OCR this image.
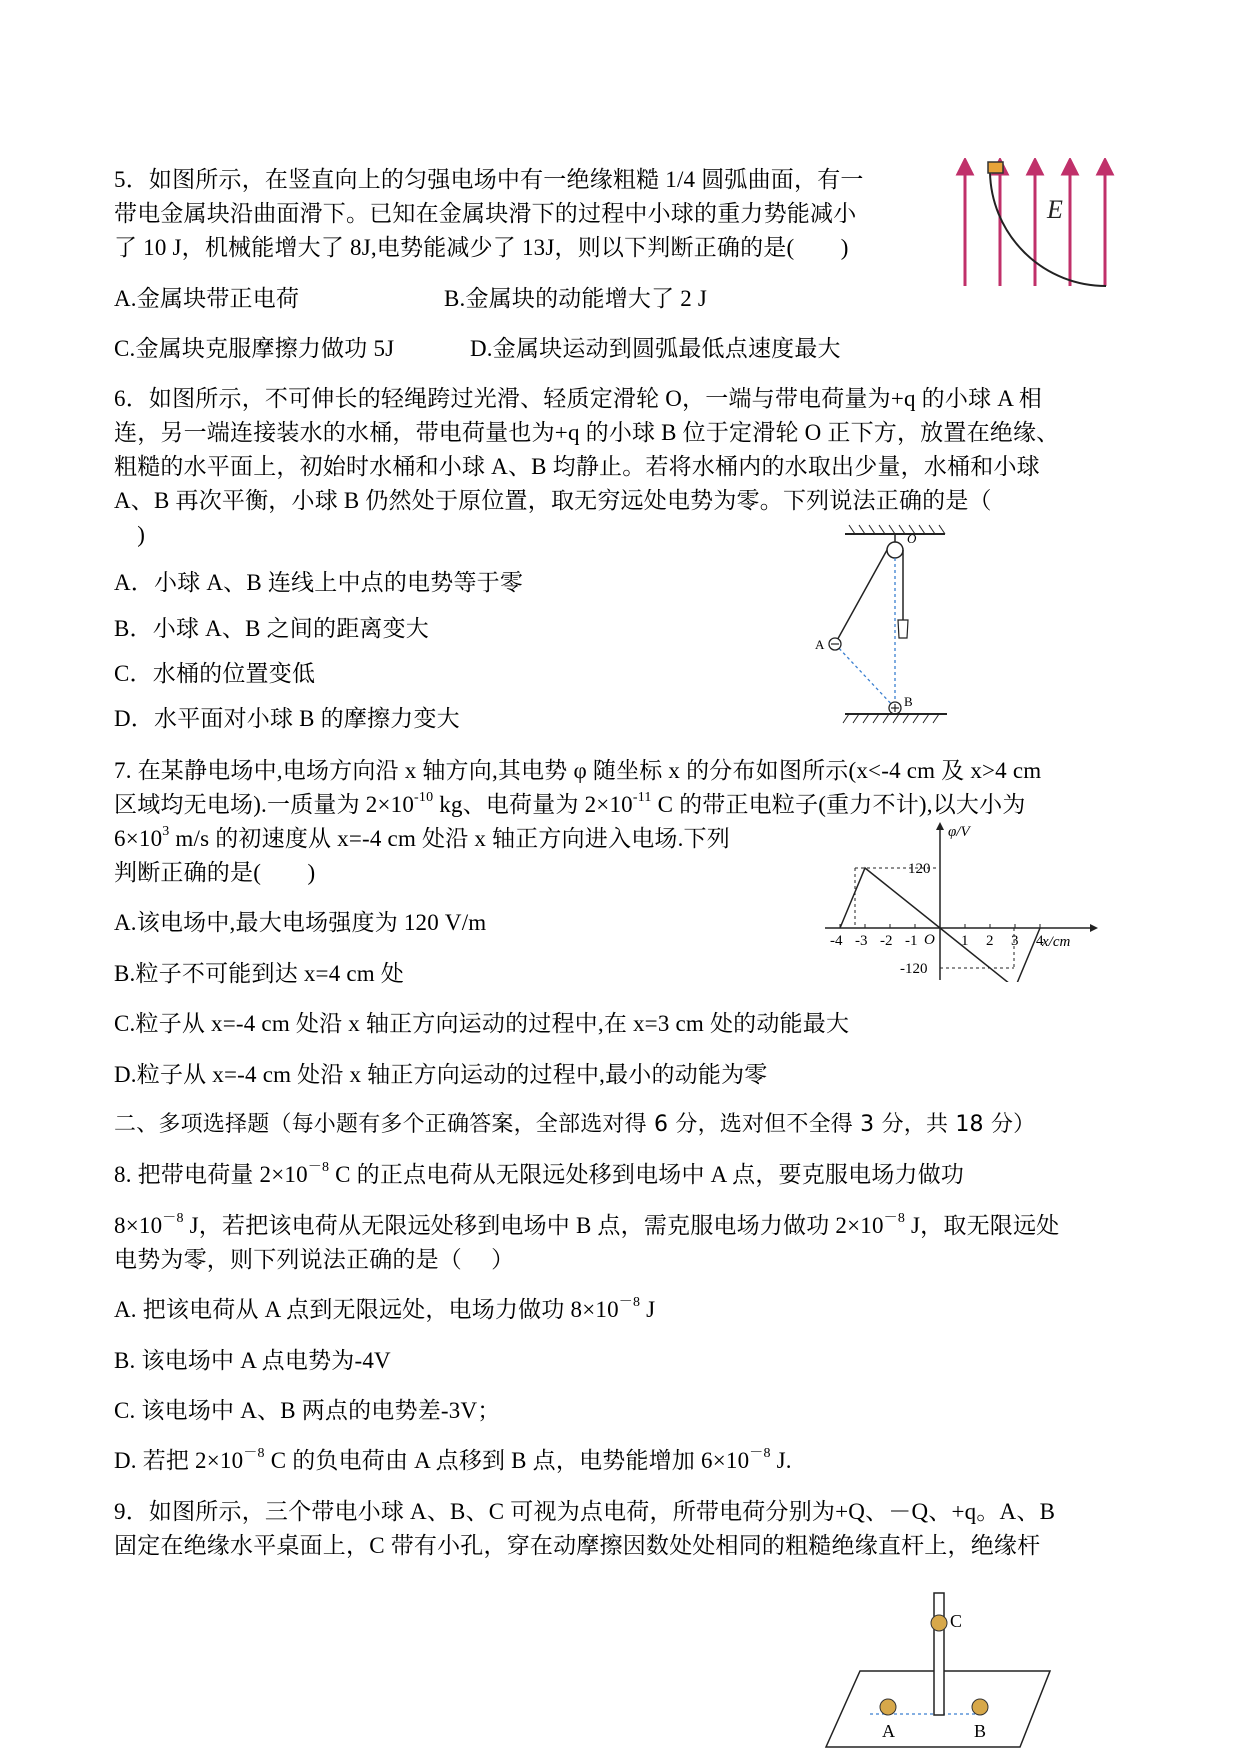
5．如图所示，在竖直向上的匀强电场中有一绝缘粗糙 1/4 圆弧曲面，有一
带电金属块沿曲面滑下。已知在金属块滑下的过程中小球的重力势能减小
了 10 J，机械能增大了 8J,电势能减少了 13J，则以下判断正确的是(　　)
A.金属块带正电荷	B.金属块的动能增大了 2 J
C.金属块克服摩擦力做功 5J	D.金属块运动到圆弧最低点速度最大
E
6．如图所示，不可伸长的轻绳跨过光滑、轻质定滑轮 O，一端与带电荷量为+q 的小球 A 相
连，另一端连接装水的水桶，带电荷量也为+q 的小球 B 位于定滑轮 O 正下方，放置在绝缘、
粗糙的水平面上，初始时水桶和小球 A、B 均静止。若将水桶内的水取出少量，水桶和小球
A、B 再次平衡，小球 B 仍然处于原位置，取无穷远处电势为零。下列说法正确的是（
　)
A．小球 A、B 连线上中点的电势等于零
B．小球 A、B 之间的距离变大
C．水桶的位置变低
D．水平面对小球 B 的摩擦力变大
O
A
B
7. 在某静电场中,电场方向沿 x 轴方向,其电势 φ 随坐标 x 的分布如图所示(x<-4 cm 及 x>4 cm
区域均无电场).一质量为 $2\times 10^{-10}$ kg、电荷量为 $2\times 10^{-11}$ C 的带正电粒子(重力不计),以大小为
$6\times 10^3$ m/s 的初速度从 x=-4 cm 处沿 x 轴正方向进入电场.下列
判断正确的是(　　)
A.该电场中,最大电场强度为 120 V/m
B.粒子不可能到达 x=4 cm 处
C.粒子从 x=-4 cm 处沿 x 轴正方向运动的过程中,在 x=3 cm 处的动能最大
D.粒子从 x=-4 cm 处沿 x 轴正方向运动的过程中,最小的动能为零
φ/V
x/cm
O
120
-120
-4 -3 -2 -1	1 2 3 4
二、多项选择题（每小题有多个正确答案，全部选对得 6 分，选对但不全得 3 分，共 18 分）
8. 把带电荷量 $2\times 10^{-8}$ C 的正点电荷从无限远处移到电场中 A 点，要克服电场力做功
$8\times 10^{-8}$ J，若把该电荷从无限远处移到电场中 B 点，需克服电场力做功 $2\times 10^{-8}$ J，取无限远处
电势为零，则下列说法正确的是（　 ）
A. 把该电荷从 A 点到无限远处，电场力做功 $8\times 10^{-8}$ J
B. 该电场中 A 点电势为-4V
C. 该电场中 A、B 两点的电势差-3V；
D. 若把 $2\times 10^{-8}$ C 的负电荷由 A 点移到 B 点，电势能增加 $6\times 10^{-8}$ J.
9．如图所示，三个带电小球 A、B、C 可视为点电荷，所带电荷分别为+Q、－Q、+q。A、B
固定在绝缘水平桌面上，C 带有小孔，穿在动摩擦因数处处相同的粗糙绝缘直杆上，绝缘杆
C
A	B
